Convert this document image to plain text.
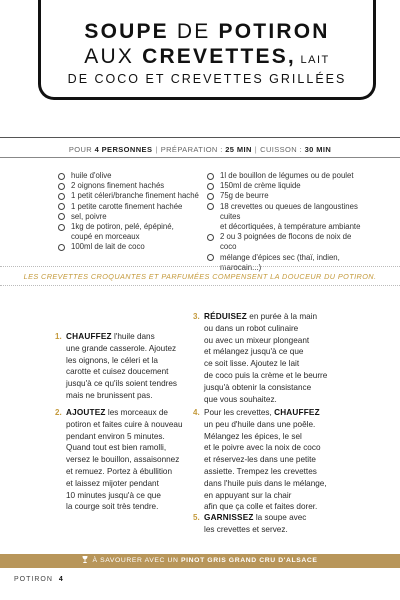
SOUPE DE POTIRON
AUX CREVETTES, LAIT
DE COCO ET CREVETTES GRILLÉES
POUR 4 PERSONNES | PRÉPARATION : 25 MIN | CUISSON : 30 MIN
huile d'olive
2 oignons finement hachés
1 petit céleri/branche finement haché
1 petite carotte finement hachée
sel, poivre
1kg de potiron, pelé, épépiné,
coupé en morceaux
100ml de lait de coco
1l de bouillon de légumes ou de poulet
150ml de crème liquide
75g de beurre
18 crevettes ou queues de langoustines cuites
et décortiquées, à température ambiante
2 ou 3 poignées de flocons de noix de coco
mélange d'épices sec (thaï, indien,
marocain...)
LES CREVETTES CROQUANTES ET PARFUMÉES COMPENSENT LA DOUCEUR DU POTIRON.
1. CHAUFFEZ l'huile dans
une grande casserole. Ajoutez
les oignons, le céleri et la
carotte et cuisez doucement
jusqu'à ce qu'ils soient tendres
mais ne brunissent pas.
2. AJOUTEZ les morceaux de
potiron et faites cuire à nouveau
pendant environ 5 minutes.
Quand tout est bien ramolli,
versez le bouillon, assaisonnez
et remuez. Portez à ébullition
et laissez mijoter pendant
10 minutes jusqu'à ce que
la courge soit très tendre.
3. RÉDUISEZ en purée à la main
ou dans un robot culinaire
ou avec un mixeur plongeant
et mélangez jusqu'à ce que
ce soit lisse. Ajoutez le lait
de coco puis la crème et le beurre
jusqu'à obtenir la consistance
que vous souhaitez.
4. Pour les crevettes, CHAUFFEZ
un peu d'huile dans une poêle.
Mélangez les épices, le sel
et le poivre avec la noix de coco
et réservez-les dans une petite
assiette. Trempez les crevettes
dans l'huile puis dans le mélange,
en appuyant sur la chair
afin que ça colle et faites dorer.
5. GARNISSEZ la soupe avec
les crevettes et servez.
À SAVOURER AVEC UN PINOT GRIS GRAND CRU D'ALSACE
POTIRON 4
